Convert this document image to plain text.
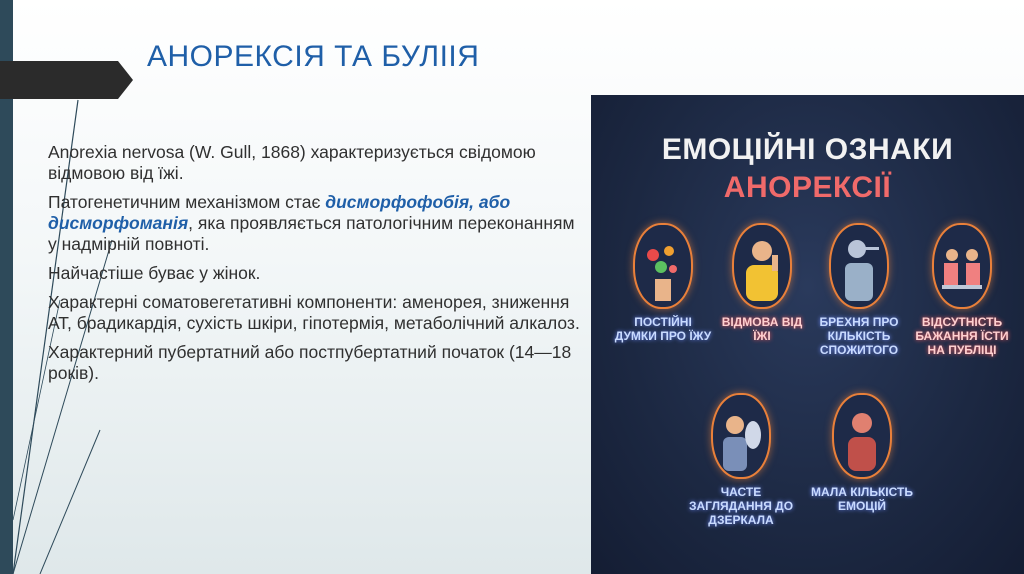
АНОРЕКСІЯ ТА БУЛІІЯ

Anorexia nervosa (W. Gull, 1868) характеризується свідомою відмовою від їжі.

Патогенетичним механізмом стає дисморфофобія, або дисморфоманія, яка проявляється патологічним переконанням у надмірній повноті.

Найчастіше буває у жінок.

Характерні соматовегетативні компоненти: аменорея, зниження АТ, брадикардія, сухість шкіри, гіпотермія, метаболічний алкалоз.

Характерний пубертатний або постпубертатний початок (14—18 років).

ЕМОЦІЙНІ ОЗНАКИ
АНОРЕКСІЇ
ПОСТІЙНІ ДУМКИ ПРО ЇЖУ
ВІДМОВА ВІД ЇЖІ
БРЕХНЯ ПРО КІЛЬКІСТЬ СПОЖИТОГО
ВІДСУТНІСТЬ БАЖАННЯ ЇСТИ НА ПУБЛІЦІ
ЧАСТЕ ЗАГЛЯДАННЯ ДО ДЗЕРКАЛА
МАЛА КІЛЬКІСТЬ ЕМОЦІЙ
